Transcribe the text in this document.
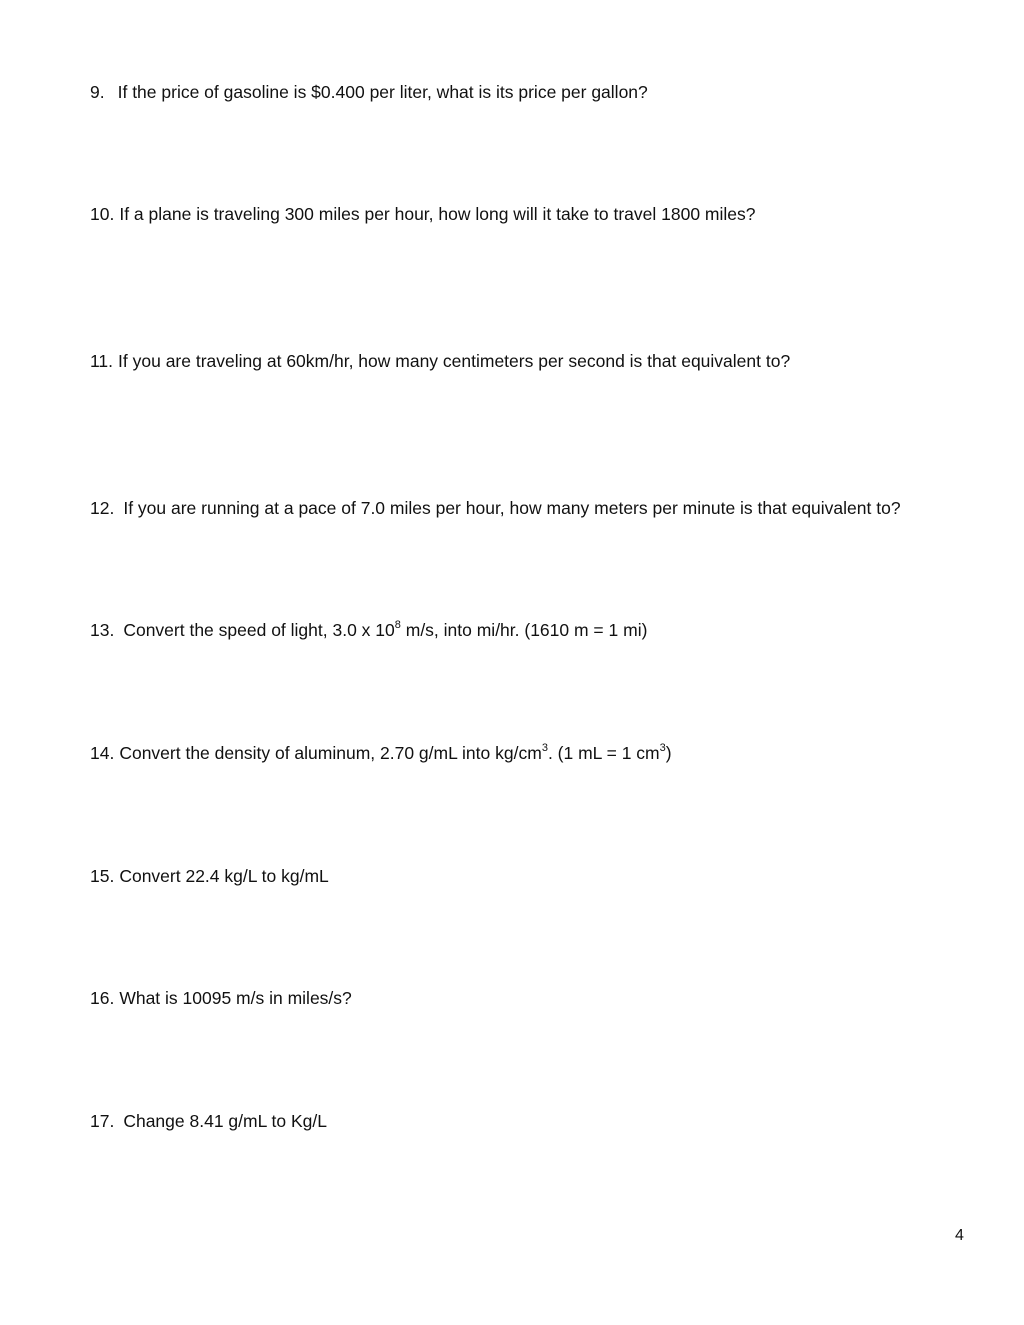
9. If the price of gasoline is $0.400 per liter, what is its price per gallon?
10. If a plane is traveling 300 miles per hour, how long will it take to travel 1800 miles?
11. If you are traveling at 60km/hr, how many centimeters per second is that equivalent to?
12. If you are running at a pace of 7.0 miles per hour, how many meters per minute is that equivalent to?
13. Convert the speed of light, 3.0 x $10^8$ m/s, into mi/hr. (1610 m = 1 mi)
14. Convert the density of aluminum, 2.70 g/mL into $kg/cm^3$. (1 mL = 1 $cm^3$)
15. Convert 22.4 kg/L to kg/mL
16. What is 10095 m/s in miles/s?
17. Change 8.41 g/mL to Kg/L
4
